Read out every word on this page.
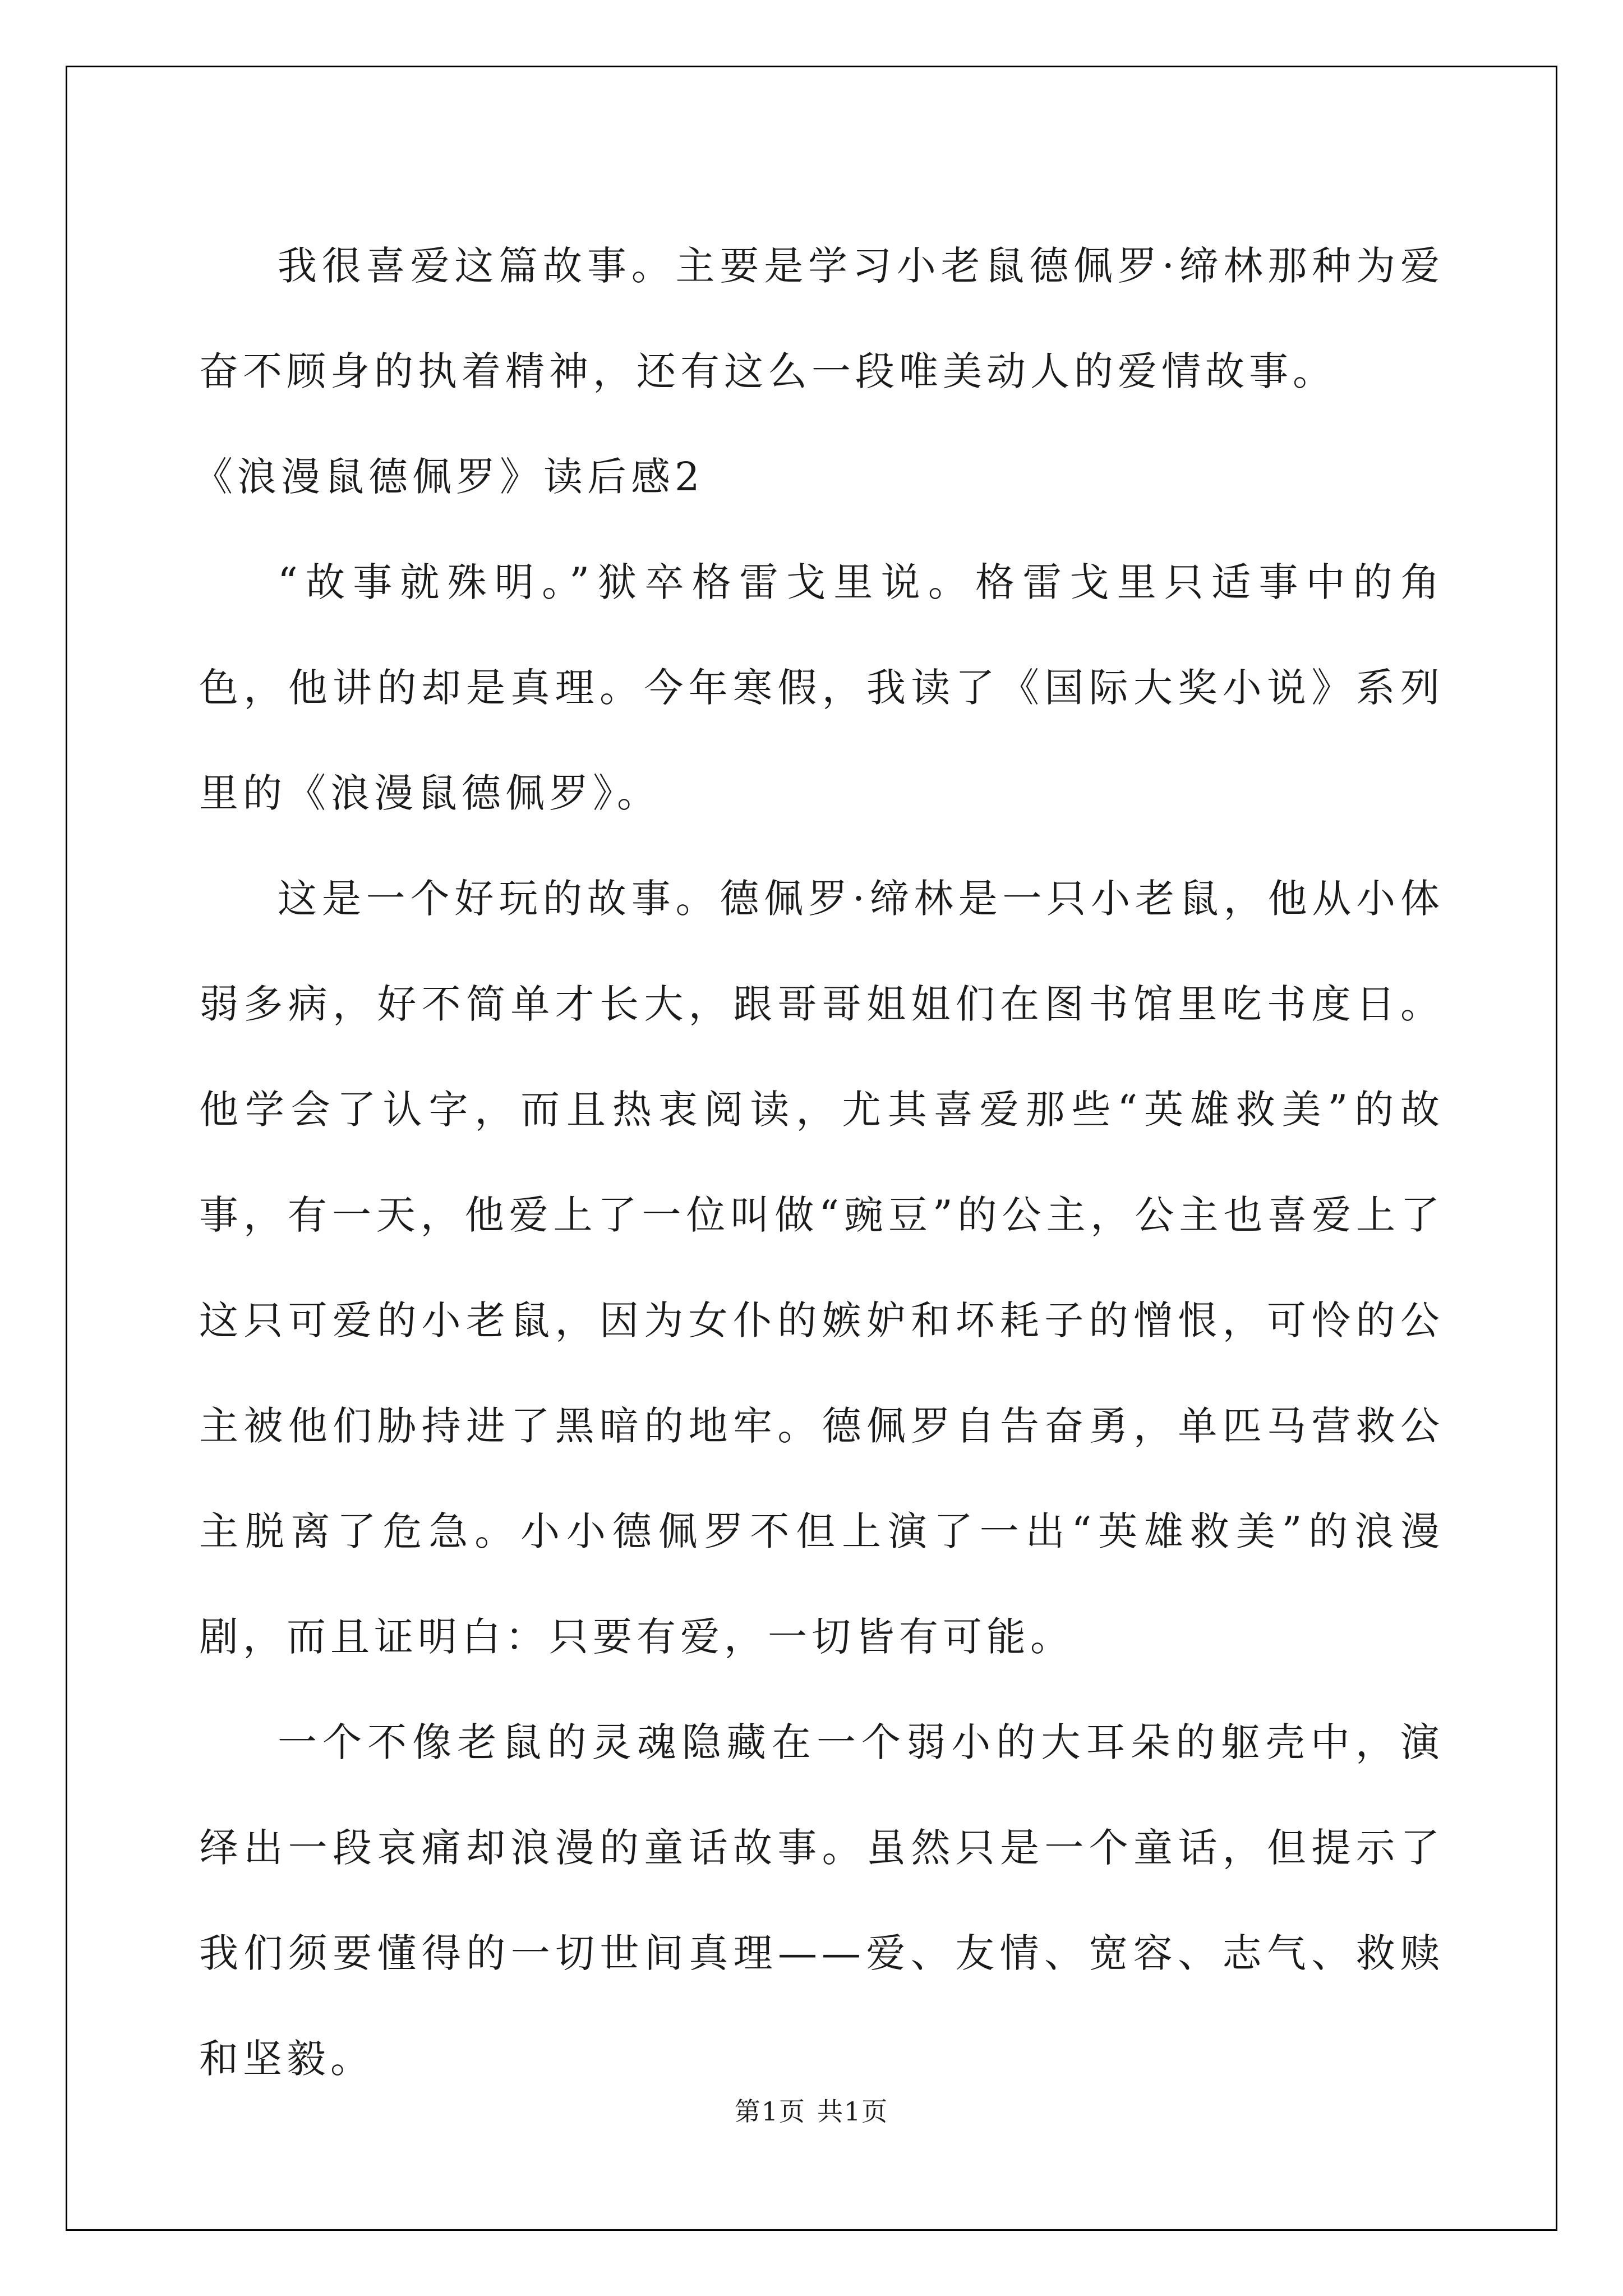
我很喜爱这篇故事。主要是学习小老鼠德佩罗·缔林那种为爱奋不顾身的执着精神，还有这么一段唯美动人的爱情故事。

《浪漫鼠德佩罗》读后感2

“故事就殊明。”狱卒格雷戈里说。格雷戈里只适事中的角色，他讲的却是真理。今年寒假，我读了《国际大奖小说》系列里的《浪漫鼠德佩罗》。

这是一个好玩的故事。德佩罗·缔林是一只小老鼠，他从小体弱多病，好不简单才长大，跟哥哥姐姐们在图书馆里吃书度日。他学会了认字，而且热衷阅读，尤其喜爱那些“英雄救美”的故事，有一天，他爱上了一位叫做“豌豆”的公主，公主也喜爱上了这只可爱的小老鼠，因为女仆的嫉妒和坏耗子的憎恨，可怜的公主被他们胁持进了黑暗的地牢。德佩罗自告奋勇，单匹马营救公主脱离了危急。小小德佩罗不但上演了一出“英雄救美”的浪漫剧，而且证明白：只要有爱，一切皆有可能。

一个不像老鼠的灵魂隐藏在一个弱小的大耳朵的躯壳中，演绎出一段哀痛却浪漫的童话故事。虽然只是一个童话，但提示了我们须要懂得的一切世间真理——爱、友情、宽容、志气、救赎和坚毅。

第1页 共1页
